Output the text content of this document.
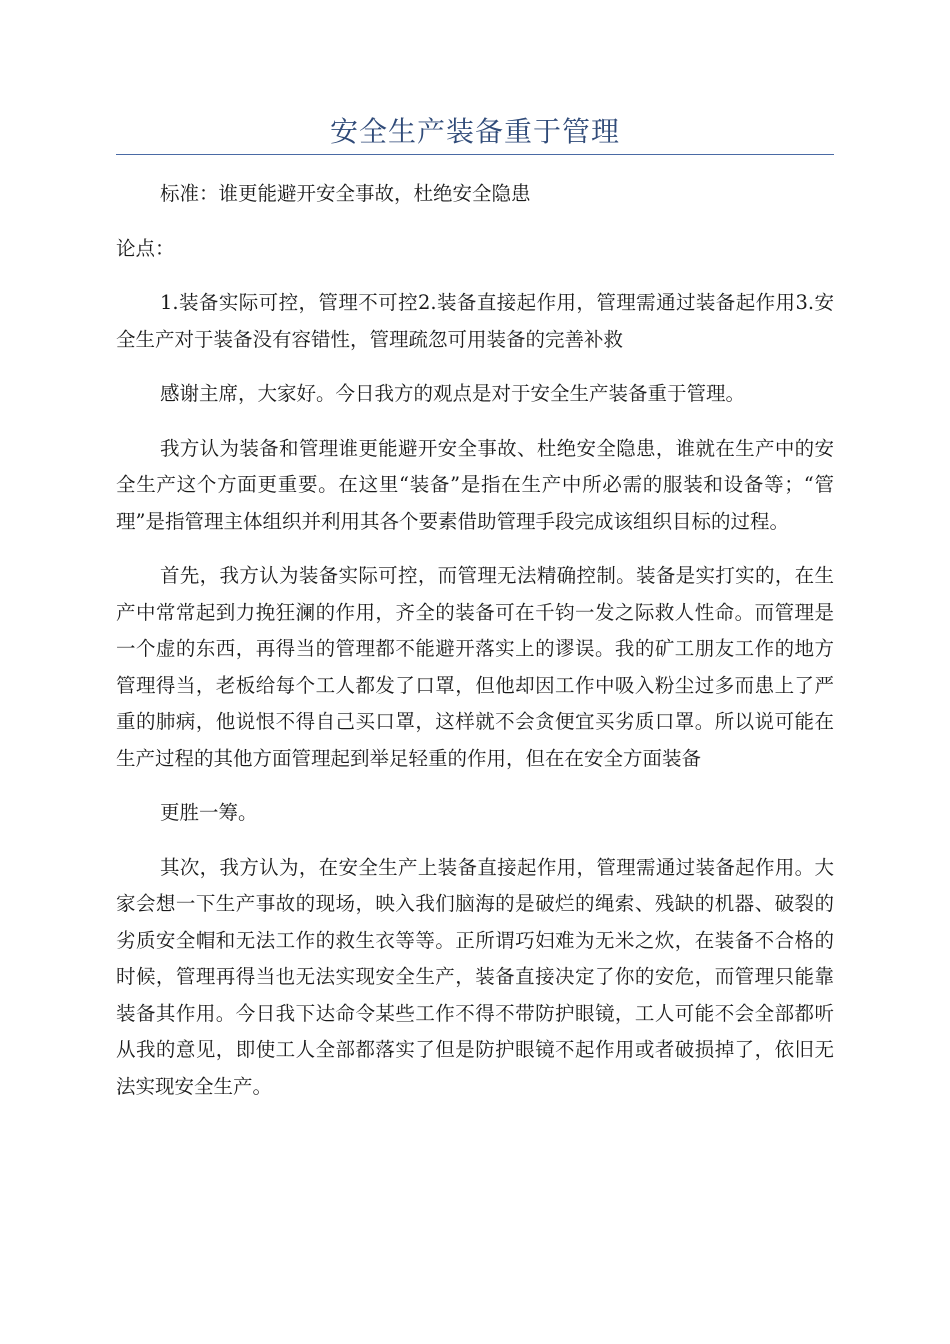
安全生产装备重于管理

标准：谁更能避开安全事故，杜绝安全隐患

论点：

1.装备实际可控，管理不可控2.装备直接起作用，管理需通过装备起作用3.安全生产对于装备没有容错性，管理疏忽可用装备的完善补救

感谢主席，大家好。今日我方的观点是对于安全生产装备重于管理。

我方认为装备和管理谁更能避开安全事故、杜绝安全隐患，谁就在生产中的安全生产这个方面更重要。在这里“装备”是指在生产中所必需的服装和设备等；“管理”是指管理主体组织并利用其各个要素借助管理手段完成该组织目标的过程。

首先，我方认为装备实际可控，而管理无法精确控制。装备是实打实的，在生产中常常起到力挽狂澜的作用，齐全的装备可在千钧一发之际救人性命。而管理是一个虚的东西，再得当的管理都不能避开落实上的谬误。我的矿工朋友工作的地方管理得当，老板给每个工人都发了口罩，但他却因工作中吸入粉尘过多而患上了严重的肺病，他说恨不得自己买口罩，这样就不会贪便宜买劣质口罩。所以说可能在生产过程的其他方面管理起到举足轻重的作用，但在在安全方面装备

更胜一筹。

其次，我方认为，在安全生产上装备直接起作用，管理需通过装备起作用。大家会想一下生产事故的现场，映入我们脑海的是破烂的绳索、残缺的机器、破裂的劣质安全帽和无法工作的救生衣等等。正所谓巧妇难为无米之炊，在装备不合格的时候，管理再得当也无法实现安全生产，装备直接决定了你的安危，而管理只能靠装备其作用。今日我下达命令某些工作不得不带防护眼镜，工人可能不会全部都听从我的意见，即使工人全部都落实了但是防护眼镜不起作用或者破损掉了，依旧无法实现安全生产。
